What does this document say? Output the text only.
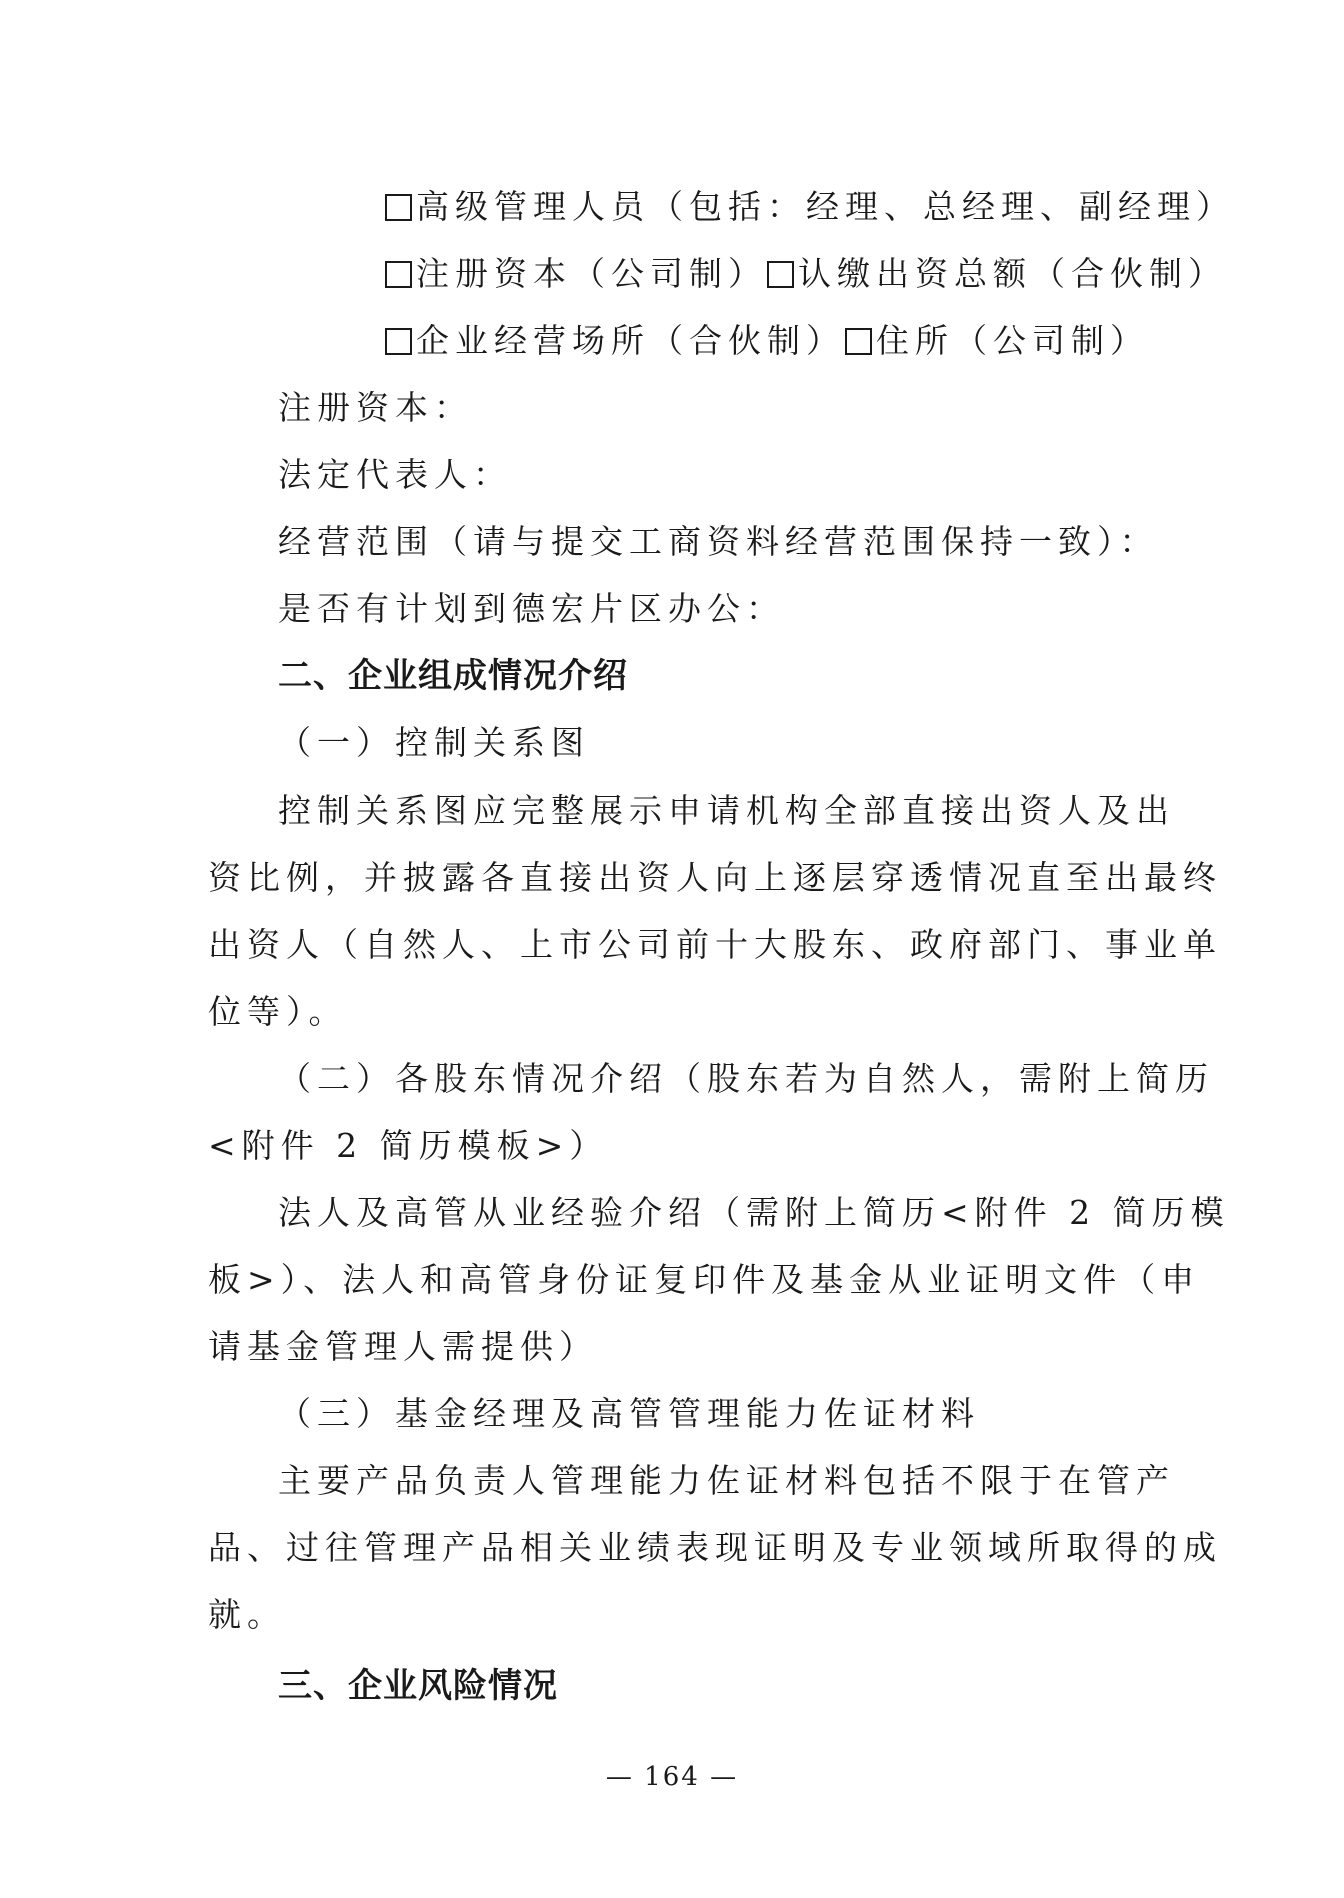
高级管理人员（包括：经理、总经理、副经理）
注册资本（公司制） 认缴出资总额（合伙制）
企业经营场所（合伙制） 住所（公司制）
注册资本：
法定代表人：
经营范围（请与提交工商资料经营范围保持一致）：
是否有计划到德宏片区办公：
二、企业组成情况介绍
（一）控制关系图
控制关系图应完整展示申请机构全部直接出资人及出
资比例，并披露各直接出资人向上逐层穿透情况直至出最终
出资人（自然人、上市公司前十大股东、政府部门、事业单
位等）。
（二）各股东情况介绍（股东若为自然人，需附上简历
<附件 2 简历模板>）
法人及高管从业经验介绍（需附上简历<附件 2 简历模
板>）、法人和高管身份证复印件及基金从业证明文件（申
请基金管理人需提供）
（三）基金经理及高管管理能力佐证材料
主要产品负责人管理能力佐证材料包括不限于在管产
品、过往管理产品相关业绩表现证明及专业领域所取得的成
就。
三、企业风险情况
— 164 —
